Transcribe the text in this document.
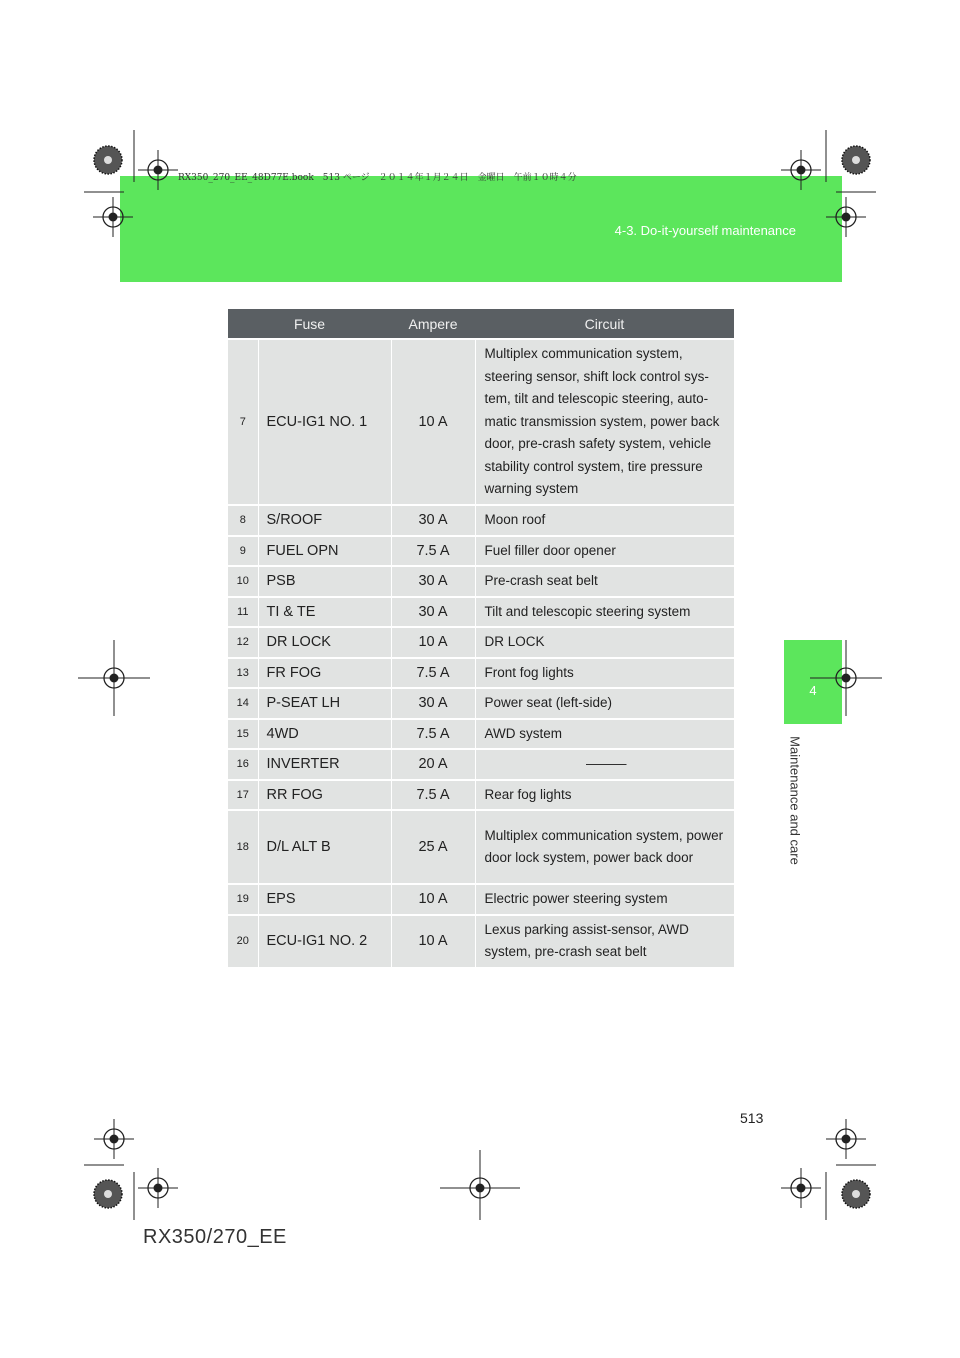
RX350_270_EE_48D77E.book　513 ページ　２０１４年１月２４日　金曜日　午前１０時４分
4-3. Do-it-yourself maintenance
4
Maintenance and care
Fuse		Ampere	Circuit
7	ECU-IG1 NO. 1	10 A	Multiplex communication system, steering sensor, shift lock control sys-tem, tilt and telescopic steering, auto-matic transmission system, power back door, pre-crash safety system, vehicle stability control system, tire pressure warning system
8	S/ROOF	30 A	Moon roof
9	FUEL OPN	7.5 A	Fuel filler door opener
10	PSB	30 A	Pre-crash seat belt
11	TI & TE	30 A	Tilt and telescopic steering system
12	DR LOCK	10 A	DR LOCK
13	FR FOG	7.5 A	Front fog lights
14	P-SEAT LH	30 A	Power seat (left-side)
15	4WD	7.5 A	AWD system
16	INVERTER	20 A	———
17	RR FOG	7.5 A	Rear fog lights
18	D/L ALT B	25 A	Multiplex communication system, power door lock system, power back door
19	EPS	10 A	Electric power steering system
20	ECU-IG1 NO. 2	10 A	Lexus parking assist-sensor, AWD system, pre-crash seat belt
513
RX350/270_EE
